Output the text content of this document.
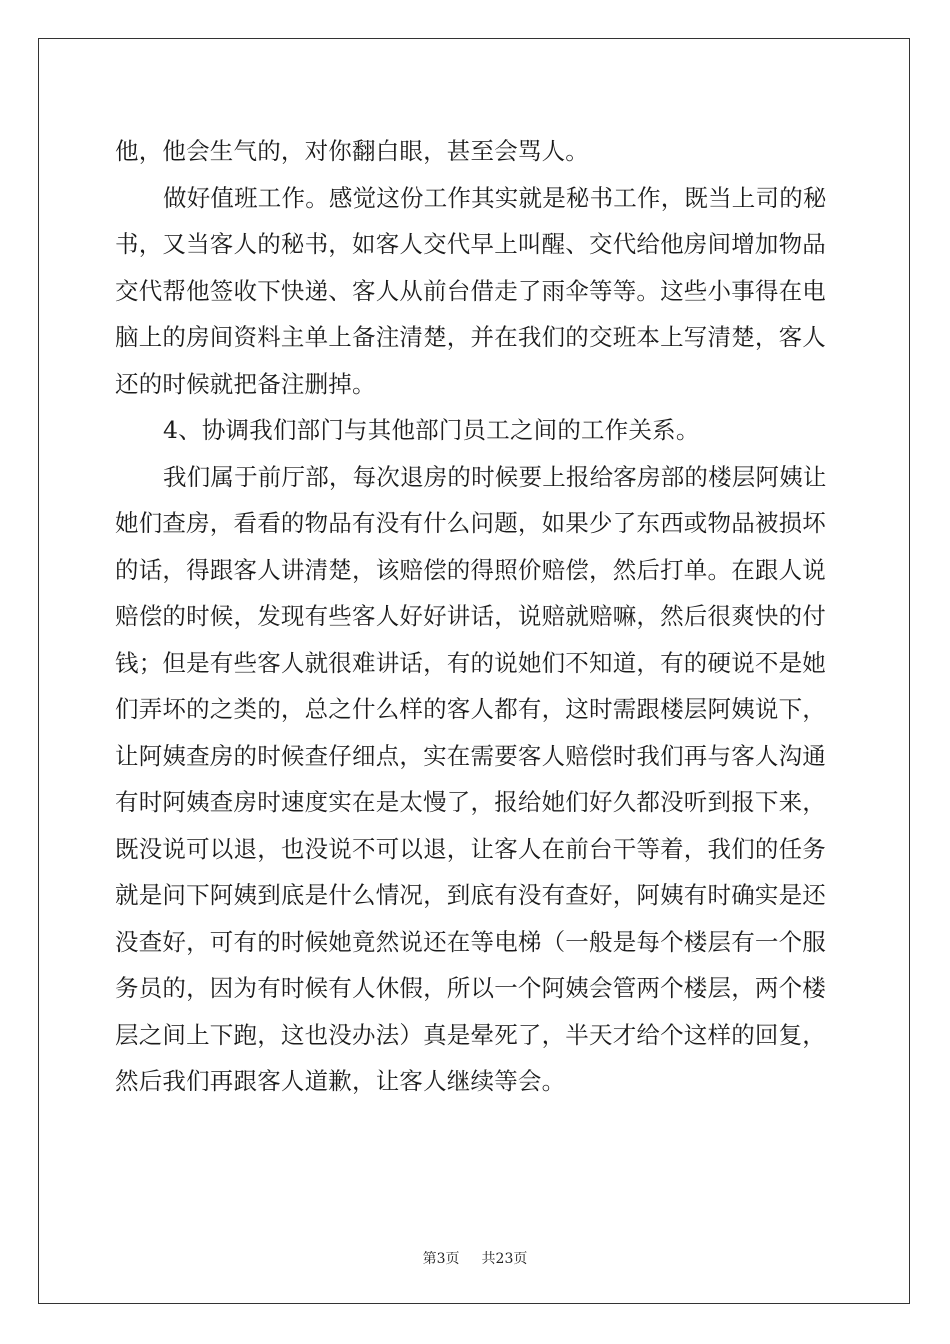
他，他会生气的，对你翻白眼，甚至会骂人。
做好值班工作。感觉这份工作其实就是秘书工作，既当上司的秘
书，又当客人的秘书，如客人交代早上叫醒、交代给他房间增加物品
交代帮他签收下快递、客人从前台借走了雨伞等等。这些小事得在电
脑上的房间资料主单上备注清楚，并在我们的交班本上写清楚，客人
还的时候就把备注删掉。
4、协调我们部门与其他部门员工之间的工作关系。
我们属于前厅部，每次退房的时候要上报给客房部的楼层阿姨让
她们查房，看看的物品有没有什么问题，如果少了东西或物品被损坏
的话，得跟客人讲清楚，该赔偿的得照价赔偿，然后打单。在跟人说
赔偿的时候，发现有些客人好好讲话，说赔就赔嘛，然后很爽快的付
钱；但是有些客人就很难讲话，有的说她们不知道，有的硬说不是她
们弄坏的之类的，总之什么样的客人都有，这时需跟楼层阿姨说下，
让阿姨查房的时候查仔细点，实在需要客人赔偿时我们再与客人沟通
有时阿姨查房时速度实在是太慢了，报给她们好久都没听到报下来，
既没说可以退，也没说不可以退，让客人在前台干等着，我们的任务
就是问下阿姨到底是什么情况，到底有没有查好，阿姨有时确实是还
没查好，可有的时候她竟然说还在等电梯（一般是每个楼层有一个服
务员的，因为有时候有人休假，所以一个阿姨会管两个楼层，两个楼
层之间上下跑，这也没办法）真是晕死了，半天才给个这样的回复，
然后我们再跟客人道歉，让客人继续等会。
第3页 共23页
